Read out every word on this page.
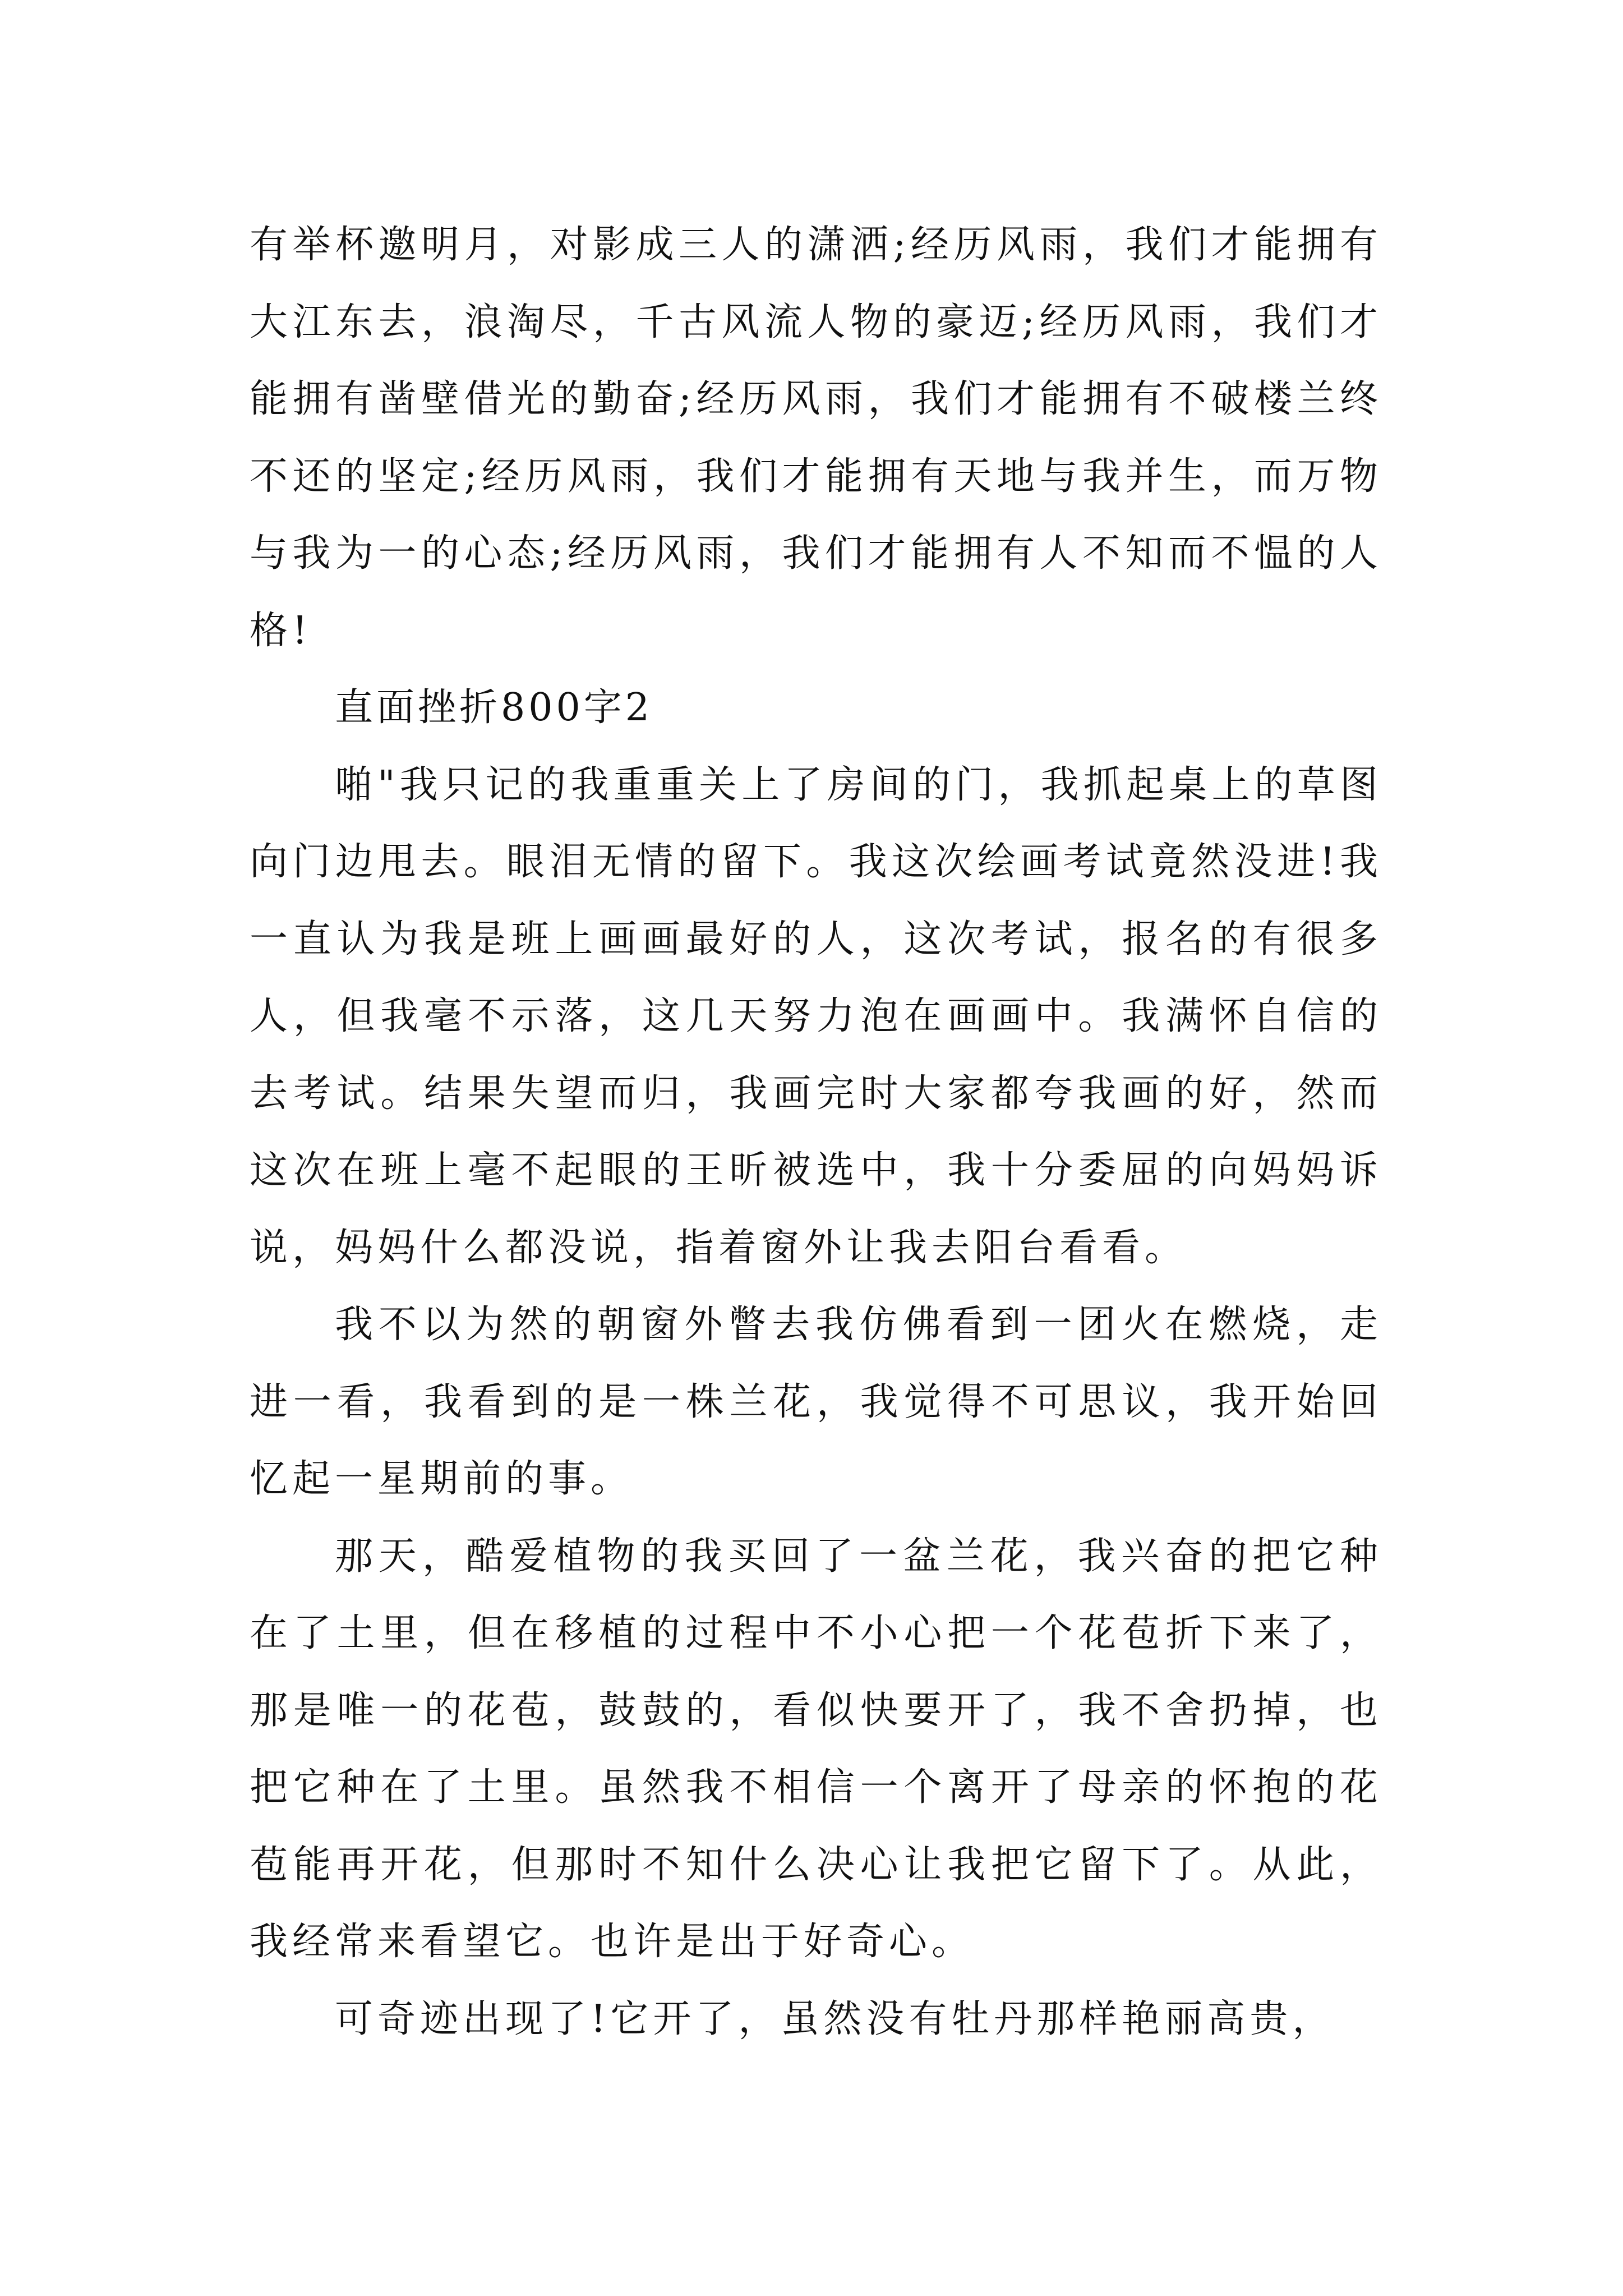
有举杯邀明月，对影成三人的潇洒;经历风雨，我们才能拥有大江东去，浪淘尽，千古风流人物的豪迈;经历风雨，我们才能拥有凿壁借光的勤奋;经历风雨，我们才能拥有不破楼兰终不还的坚定;经历风雨，我们才能拥有天地与我并生，而万物与我为一的心态;经历风雨，我们才能拥有人不知而不愠的人格!

直面挫折800字2

啪"我只记的我重重关上了房间的门，我抓起桌上的草图向门边甩去。眼泪无情的留下。我这次绘画考试竟然没进!我一直认为我是班上画画最好的人，这次考试，报名的有很多人，但我毫不示落，这几天努力泡在画画中。我满怀自信的去考试。结果失望而归，我画完时大家都夸我画的好，然而这次在班上毫不起眼的王昕被选中，我十分委屈的向妈妈诉说，妈妈什么都没说，指着窗外让我去阳台看看。

我不以为然的朝窗外瞥去我仿佛看到一团火在燃烧，走进一看，我看到的是一株兰花，我觉得不可思议，我开始回忆起一星期前的事。

那天，酷爱植物的我买回了一盆兰花，我兴奋的把它种在了土里，但在移植的过程中不小心把一个花苞折下来了，那是唯一的花苞，鼓鼓的，看似快要开了，我不舍扔掉，也把它种在了土里。虽然我不相信一个离开了母亲的怀抱的花苞能再开花，但那时不知什么决心让我把它留下了。从此，我经常来看望它。也许是出于好奇心。

可奇迹出现了!它开了，虽然没有牡丹那样艳丽高贵，
